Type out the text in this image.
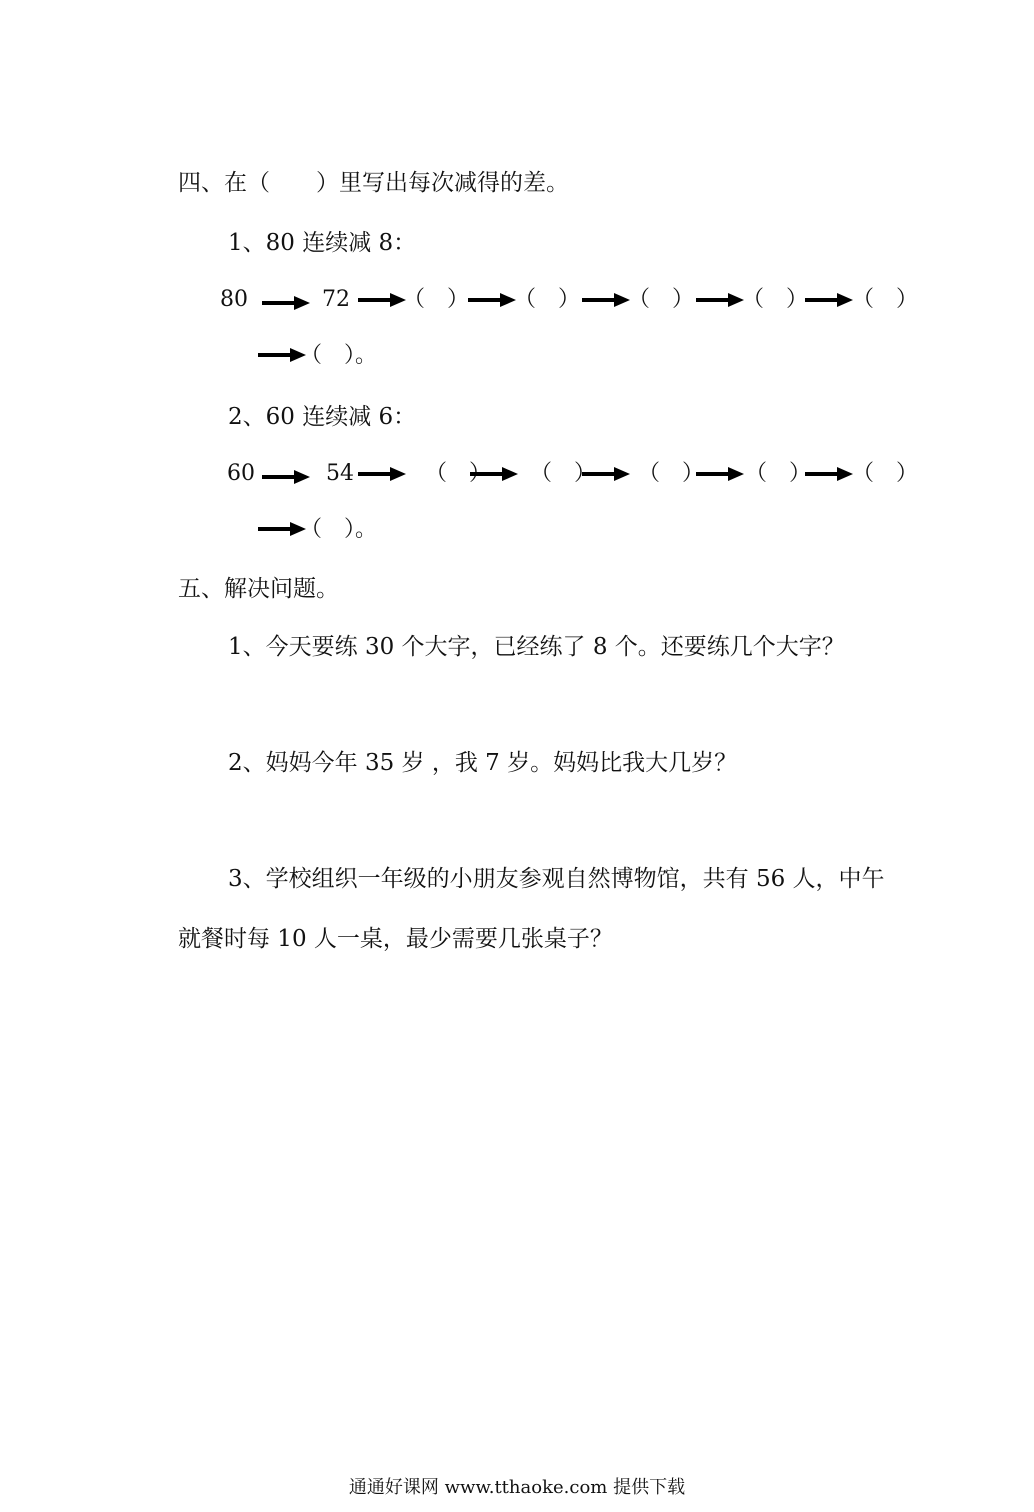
四、在（　　）里写出每次减得的差。
1、80 连续减 8：
80	72 （　） （　） （　） （　） （　）
（　）。
2、60 连续减 6：
60	54	（　） （　） （　） （　） （　）
（　）。
五、解决问题。
1、今天要练 30 个大字，已经练了 8 个。还要练几个大字？
2、妈妈今年 35 岁 ，我 7 岁。妈妈比我大几岁？
3、学校组织一年级的小朋友参观自然博物馆，共有 56 人，中午
就餐时每 10 人一桌，最少需要几张桌子？
通通好课网 www.tthaoke.com 提供下载
